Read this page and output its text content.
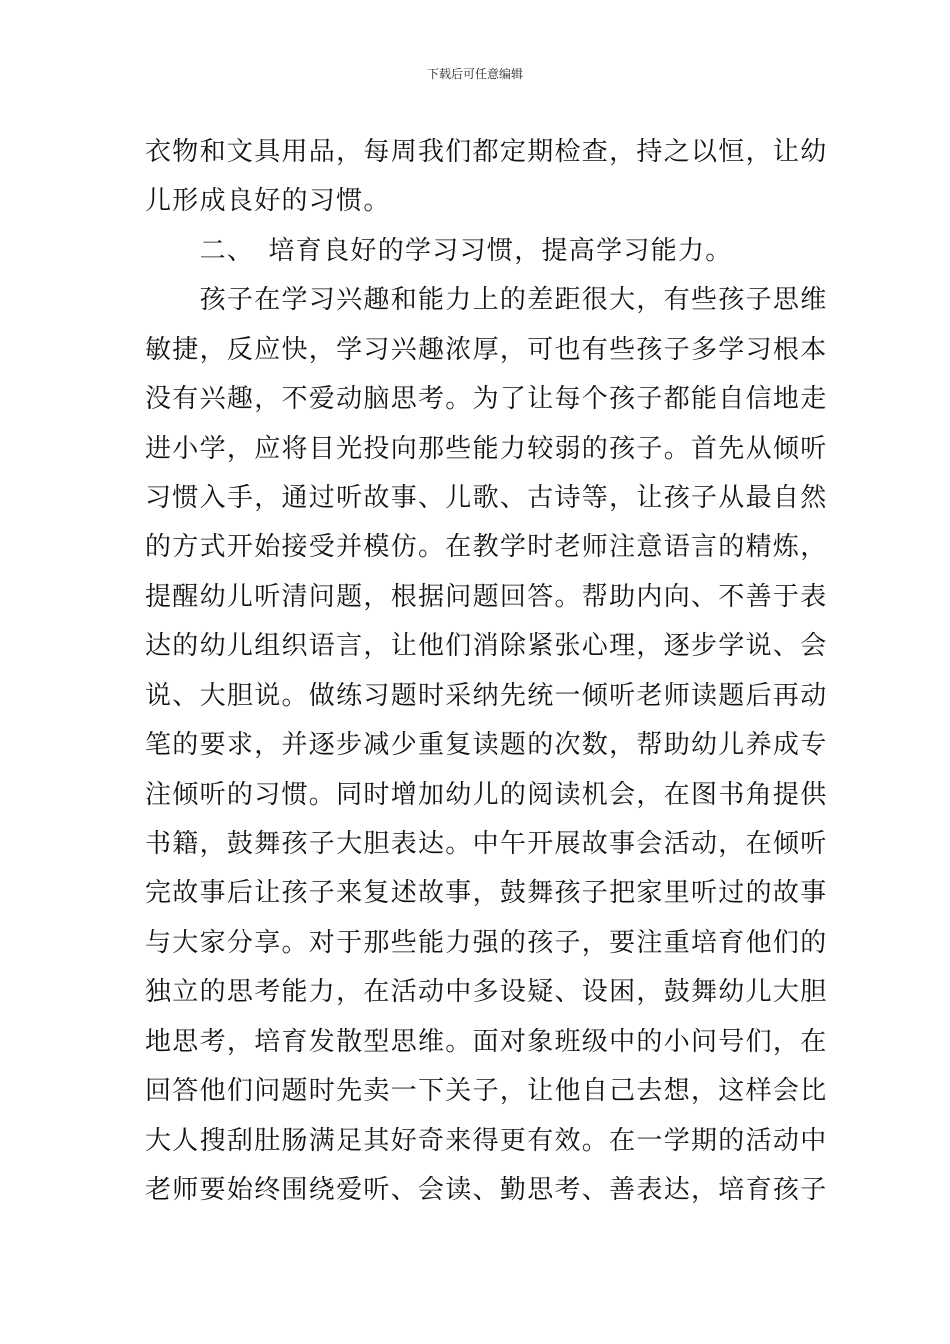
下载后可任意编辑
衣物和文具用品，每周我们都定期检查，持之以恒，让幼
儿形成良好的习惯。
　　二、　培育良好的学习习惯，提高学习能力。
　　孩子在学习兴趣和能力上的差距很大，有些孩子思维
敏捷，反应快，学习兴趣浓厚，可也有些孩子多学习根本
没有兴趣，不爱动脑思考。为了让每个孩子都能自信地走
进小学，应将目光投向那些能力较弱的孩子。首先从倾听
习惯入手，通过听故事、儿歌、古诗等，让孩子从最自然
的方式开始接受并模仿。在教学时老师注意语言的精炼，
提醒幼儿听清问题，根据问题回答。帮助内向、不善于表
达的幼儿组织语言，让他们消除紧张心理，逐步学说、会
说、大胆说。做练习题时采纳先统一倾听老师读题后再动
笔的要求，并逐步减少重复读题的次数，帮助幼儿养成专
注倾听的习惯。同时增加幼儿的阅读机会，在图书角提供
书籍，鼓舞孩子大胆表达。中午开展故事会活动，在倾听
完故事后让孩子来复述故事，鼓舞孩子把家里听过的故事
与大家分享。对于那些能力强的孩子，要注重培育他们的
独立的思考能力，在活动中多设疑、设困，鼓舞幼儿大胆
地思考，培育发散型思维。面对象班级中的小问号们，在
回答他们问题时先卖一下关子，让他自己去想，这样会比
大人搜刮肚肠满足其好奇来得更有效。在一学期的活动中
老师要始终围绕爱听、会读、勤思考、善表达，培育孩子
